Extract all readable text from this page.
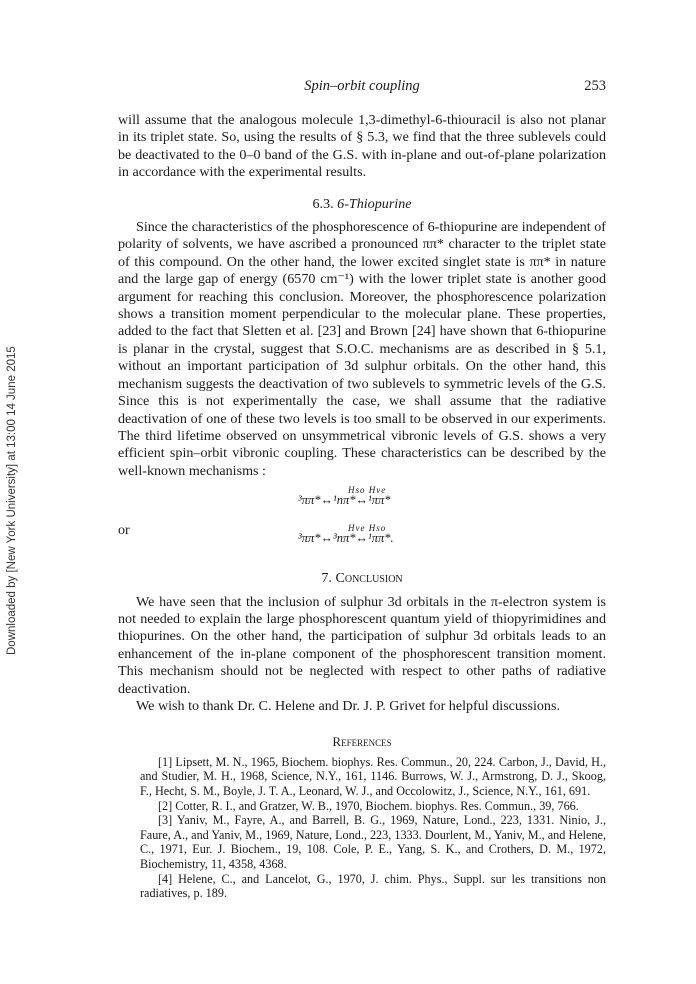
Spin–orbit coupling	253
Downloaded by [New York University] at 13:00 14 June 2015

will assume that the analogous molecule 1,3-dimethyl-6-thiouracil is also not planar in its triplet state. So, using the results of § 5.3, we find that the three sublevels could be deactivated to the 0–0 band of the G.S. with in-plane and out-of-plane polarization in accordance with the experimental results.

6.3. 6-Thiopurine

Since the characteristics of the phosphorescence of 6-thiopurine are independent of polarity of solvents, we have ascribed a pronounced ππ* character to the triplet state of this compound. On the other hand, the lower excited singlet state is ππ* in nature and the large gap of energy (6570 cm⁻¹) with the lower triplet state is another good argument for reaching this conclusion. Moreover, the phosphorescence polarization shows a transition moment perpendicular to the molecular plane. These properties, added to the fact that Sletten et al. [23] and Brown [24] have shown that 6-thiopurine is planar in the crystal, suggest that S.O.C. mechanisms are as described in § 5.1, without an important participation of 3d sulphur orbitals. On the other hand, this mechanism suggests the deactivation of two sublevels to symmetric levels of the G.S. Since this is not experimentally the case, we shall assume that the radiative deactivation of one of these two levels is too small to be observed in our experiments. The third lifetime observed on unsymmetrical vibronic levels of G.S. shows a very efficient spin–orbit vibronic coupling. These characteristics can be described by the well-known mechanisms :

Hso Hve
³ππ*↔¹nπ*↔¹ππ*
or	Hve Hso
³ππ*↔³nπ*↔¹ππ*.
7. Conclusion

We have seen that the inclusion of sulphur 3d orbitals in the π-electron system is not needed to explain the large phosphorescent quantum yield of thiopyrimidines and thiopurines. On the other hand, the participation of sulphur 3d orbitals leads to an enhancement of the in-plane component of the phosphorescent transition moment. This mechanism should not be neglected with respect to other paths of radiative deactivation.

We wish to thank Dr. C. Helene and Dr. J. P. Grivet for helpful discussions.

References

[1] Lipsett, M. N., 1965, Biochem. biophys. Res. Commun., 20, 224. Carbon, J., David, H., and Studier, M. H., 1968, Science, N.Y., 161, 1146. Burrows, W. J., Armstrong, D. J., Skoog, F., Hecht, S. M., Boyle, J. T. A., Leonard, W. J., and Occolowitz, J., Science, N.Y., 161, 691.

[2] Cotter, R. I., and Gratzer, W. B., 1970, Biochem. biophys. Res. Commun., 39, 766.

[3] Yaniv, M., Fayre, A., and Barrell, B. G., 1969, Nature, Lond., 223, 1331. Ninio, J., Faure, A., and Yaniv, M., 1969, Nature, Lond., 223, 1333. Dourlent, M., Yaniv, M., and Helene, C., 1971, Eur. J. Biochem., 19, 108. Cole, P. E., Yang, S. K., and Crothers, D. M., 1972, Biochemistry, 11, 4358, 4368.

[4] Helene, C., and Lancelot, G., 1970, J. chim. Phys., Suppl. sur les transitions non radiatives, p. 189.
